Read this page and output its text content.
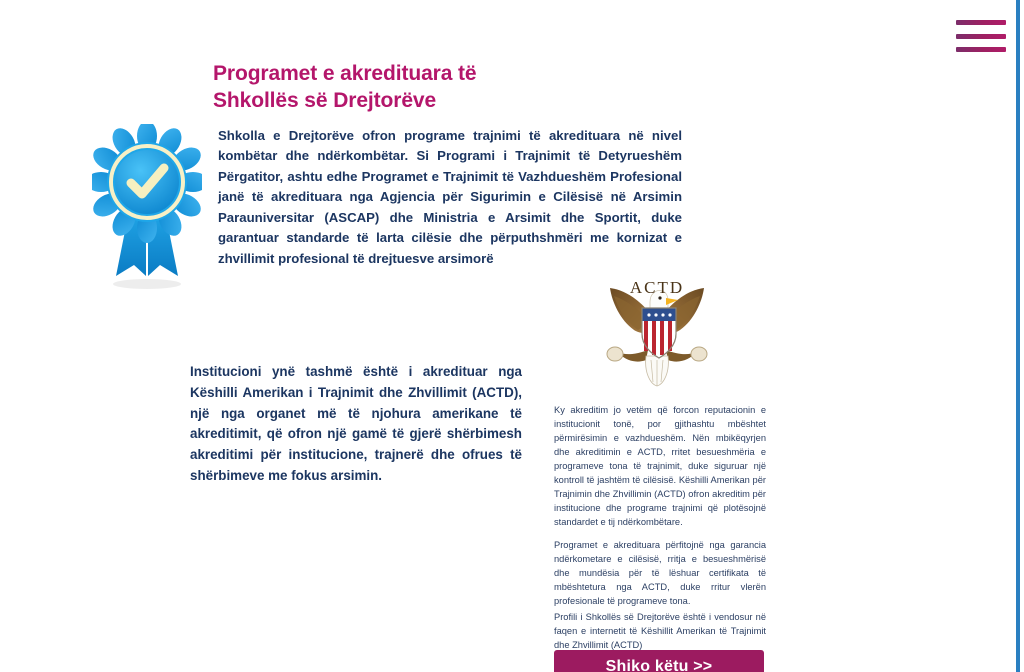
Programet e akredituara të
Shkollës së Drejtorëve

Shkolla e Drejtorëve ofron programe trajnimi të akredituara në nivel kombëtar dhe ndërkombëtar. Si Programi i Trajnimit të Detyrueshëm Përgatitor, ashtu edhe Programet e Trajnimit të Vazhdueshëm Profesional janë të akredituara nga Agjencia për Sigurimin e Cilësisë në Arsimin Parauniversitar (ASCAP) dhe Ministria e Arsimit dhe Sportit, duke garantuar standarde të larta cilësie dhe përputhshmëri me kornizat e zhvillimit profesional të drejtuesve arsimorë

Institucioni ynë tashmë është i akredituar nga Këshilli Amerikan i Trajnimit dhe Zhvillimit (ACTD), një nga organet më të njohura amerikane të akreditimit, që ofron një gamë të gjerë shërbimesh akreditimi për institucione, trajnerë dhe ofrues të shërbimeve me fokus arsimin.

ACTD

Ky akreditim jo vetëm që forcon reputacionin e institucionit tonë, por gjithashtu mbështet përmirësimin e vazhdueshëm. Nën mbikëqyrjen dhe akreditimin e ACTD, rritet besueshmëria e programeve tona të trajnimit, duke siguruar një kontroll të jashtëm të cilësisë. Këshilli Amerikan për Trajnimin dhe Zhvillimin (ACTD) ofron akreditim për institucione dhe programe trajnimi që plotësojnë standardet e tij ndërkombëtare.

Programet e akredituara përfitojnë nga garancia ndërkometare e cilësisë, rritja e besueshmërisë dhe mundësia për të lëshuar certifikata të mbështetura nga ACTD, duke rritur vlerën profesionale të programeve tona.

Profili i Shkollës së Drejtorëve është i vendosur në faqen e internetit të Këshillit Amerikan të Trajnimit dhe Zhvillimit (ACTD)

Shiko këtu >>
